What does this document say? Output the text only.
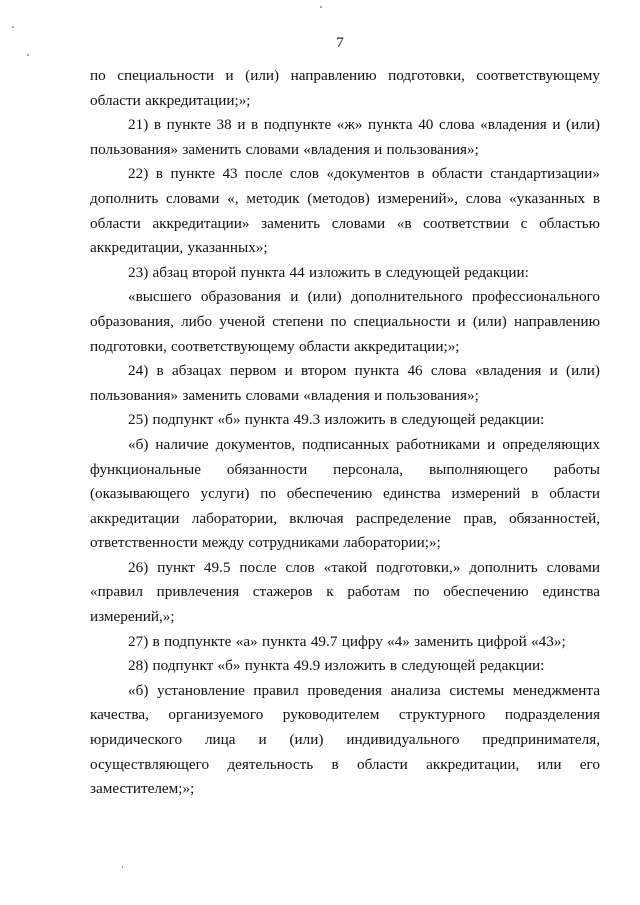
7

по специальности и (или) направлению подготовки, соответствующему области аккредитации;»;

21) в пункте 38 и в подпункте «ж» пункта 40 слова «владения и (или) пользования» заменить словами «владения и пользования»;

22) в пункте 43 после слов «документов в области стандартизации» дополнить словами «, методик (методов) измерений», слова «указанных в области аккредитации» заменить словами «в соответствии с областью аккредитации, указанных»;

23) абзац второй пункта 44 изложить в следующей редакции:

«высшего образования и (или) дополнительного профессионального образования, либо ученой степени по специальности и (или) направлению подготовки, соответствующему области аккредитации;»;

24) в абзацах первом и втором пункта 46 слова «владения и (или) пользования» заменить словами «владения и пользования»;

25) подпункт «б» пункта 49.3 изложить в следующей редакции:

«б) наличие документов, подписанных работниками и определяющих функциональные обязанности персонала, выполняющего работы (оказывающего услуги) по обеспечению единства измерений в области аккредитации лаборатории, включая распределение прав, обязанностей, ответственности между сотрудниками лаборатории;»;

26) пункт 49.5 после слов «такой подготовки,» дополнить словами «правил привлечения стажеров к работам по обеспечению единства измерений,»;

27) в подпункте «а» пункта 49.7 цифру «4» заменить цифрой «43»;

28) подпункт «б» пункта 49.9 изложить в следующей редакции:

«б) установление правил проведения анализа системы менеджмента качества, организуемого руководителем структурного подразделения юридического лица и (или) индивидуального предпринимателя, осуществляющего деятельность в области аккредитации, или его заместителем;»;
